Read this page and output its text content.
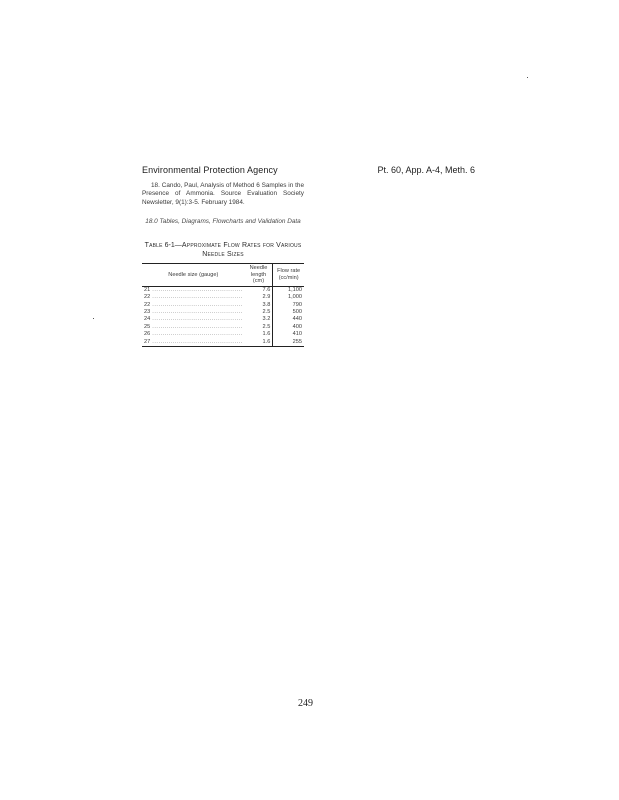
Environmental Protection Agency	Pt. 60, App. A-4, Meth. 6
18. Cando, Paul, Analysis of Method 6 Samples in the Presence of Ammonia. Source Evaluation Society Newsletter, 9(1):3-5. February 1984.
18.0 Tables, Diagrams, Flowcharts and Validation Data
Table 6-1—Approximate Flow Rates for Various Needle Sizes
Needle size (gauge)	Needle length (cm)	Flow rate (cc/min)
21 ............................................	7.6	1,100
22 ............................................	2.9	1,000
22 ............................................	3.8	790
23 ............................................	2.5	500
24 ............................................	3.2	440
25 ............................................	2.5	400
26 ............................................	1.6	410
27 ............................................	1.6	255
249
